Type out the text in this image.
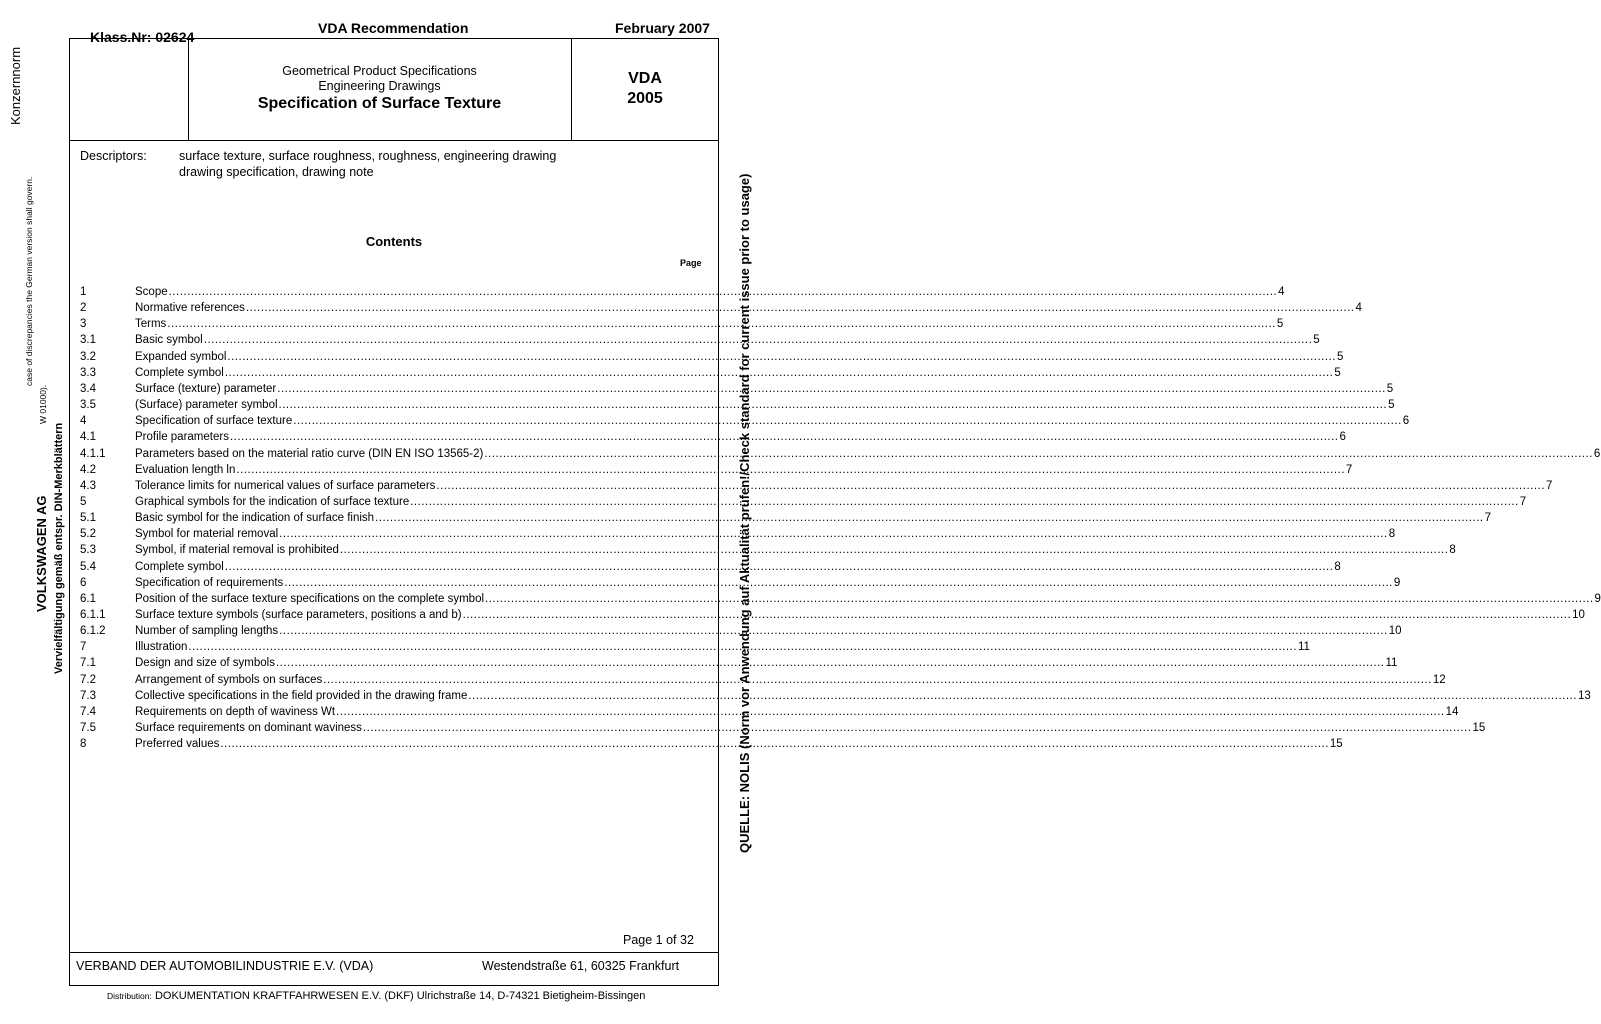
Klass.Nr: 02624
VDA Recommendation	February 2007
Geometrical Product Specifications
Engineering Drawings
Specification of Surface Texture
VDA
2005
Descriptors:	surface texture, surface roughness, roughness, engineering drawing
drawing specification, drawing note
Contents
Page
1	Scope ............................................................................................................................................................................................................................................................................................................ 4
2	Normative references ............................................................................................................................................................................................................................................................................................................ 4
3	Terms ............................................................................................................................................................................................................................................................................................................ 5
3.1	Basic symbol ............................................................................................................................................................................................................................................................................................................ 5
3.2	Expanded symbol ............................................................................................................................................................................................................................................................................................................ 5
3.3	Complete symbol ............................................................................................................................................................................................................................................................................................................ 5
3.4	Surface (texture) parameter ............................................................................................................................................................................................................................................................................................................ 5
3.5	(Surface) parameter symbol ............................................................................................................................................................................................................................................................................................................ 5
4	Specification of surface texture ............................................................................................................................................................................................................................................................................................................ 6
4.1	Profile parameters ............................................................................................................................................................................................................................................................................................................ 6
4.1.1	Parameters based on the material ratio curve (DIN EN ISO 13565-2) ............................................................................................................................................................................................................................................................................................................ 6
4.2	Evaluation length ln ............................................................................................................................................................................................................................................................................................................ 7
4.3	Tolerance limits for numerical values of surface parameters ............................................................................................................................................................................................................................................................................................................ 7
5	Graphical symbols for the indication of surface texture ............................................................................................................................................................................................................................................................................................................ 7
5.1	Basic symbol for the indication of surface finish ............................................................................................................................................................................................................................................................................................................ 7
5.2	Symbol for material removal ............................................................................................................................................................................................................................................................................................................ 8
5.3	Symbol, if material removal is prohibited ............................................................................................................................................................................................................................................................................................................ 8
5.4	Complete symbol ............................................................................................................................................................................................................................................................................................................ 8
6	Specification of requirements ............................................................................................................................................................................................................................................................................................................ 9
6.1	Position of the surface texture specifications on the complete symbol ............................................................................................................................................................................................................................................................................................................ 9
6.1.1	Surface texture symbols (surface parameters, positions a and b) ............................................................................................................................................................................................................................................................................................................ 10
6.1.2	Number of sampling lengths ............................................................................................................................................................................................................................................................................................................ 10
7	Illustration ............................................................................................................................................................................................................................................................................................................ 11
7.1	Design and size of symbols ............................................................................................................................................................................................................................................................................................................ 11
7.2	Arrangement of symbols on surfaces ............................................................................................................................................................................................................................................................................................................ 12
7.3	Collective specifications in the field provided in the drawing frame ............................................................................................................................................................................................................................................................................................................ 13
7.4	Requirements on depth of waviness Wt ............................................................................................................................................................................................................................................................................................................ 14
7.5	Surface requirements on dominant waviness ............................................................................................................................................................................................................................................................................................................ 15
8	Preferred values ............................................................................................................................................................................................................................................................................................................ 15
Page 1 of 32
VERBAND DER AUTOMOBILINDUSTRIE E.V. (VDA)	Westendstraße 61, 60325 Frankfurt
Distribution: DOKUMENTATION KRAFTFAHRWESEN E.V. (DKF) Ulrichstraße 14, D-74321 Bietigheim-Bissingen
Konzernnorm
case of discrepancies the German version shall govern.
W 01000).
VOLKSWAGEN AG Vervielfältigung gemäß entspr. DIN-Merkblättern	QUELLE: NOLIS (Norm vor Anwendung auf Aktualität prüfen!/Check standard for current issue prior to usage)
